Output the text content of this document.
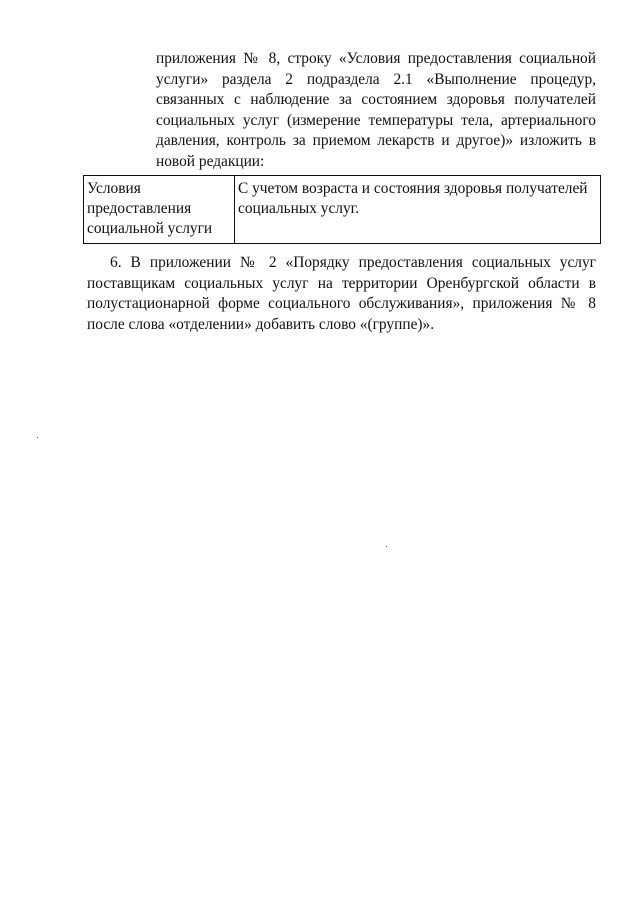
приложения № 8, строку «Условия предоставления социальной услуги» раздела 2 подраздела 2.1 «Выполнение процедур, связанных с наблюдение за состоянием здоровья получателей социальных услуг (измерение температуры тела, артериального давления, контроль за приемом лекарств и другое)» изложить в новой редакции:

Условия предоставления социальной услуги	С учетом возраста и состояния здоровья получателей социальных услуг.

6. В приложении № 2 «Порядку предоставления социальных услуг поставщикам социальных услуг на территории Оренбургской области в полустационарной форме социального обслуживания», приложения № 8 после слова «отделении» добавить слово «(группе)».
